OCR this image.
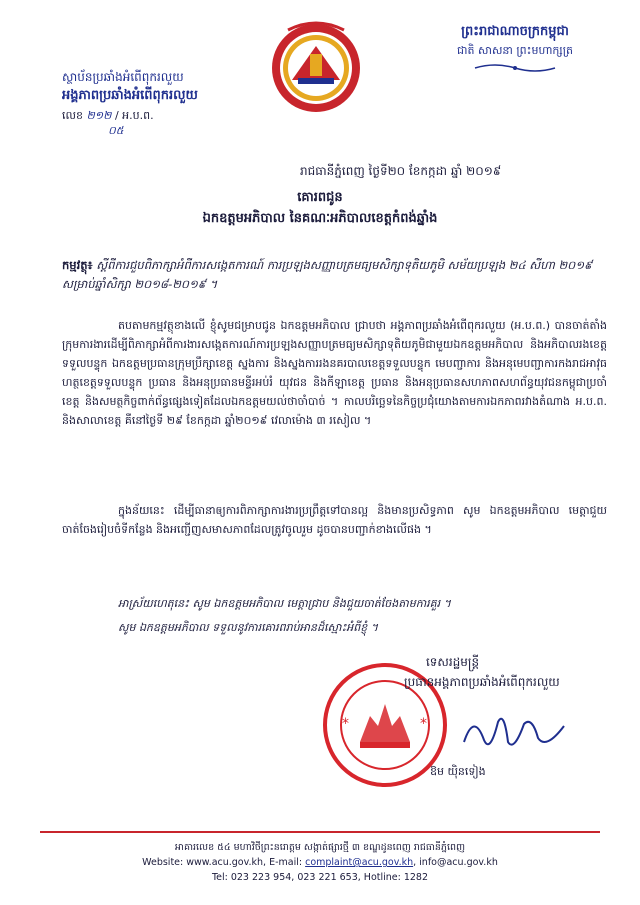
ស្ថាប័នប្រឆាំងអំពើពុករលួយ
អង្គភាពប្រឆាំងអំពើពុករលួយ
លេខ ២១២ / អ.ប.ព.
០៥
ព្រះរាជាណាចក្រកម្ពុជា
ជាតិ សាសនា ព្រះមហាក្សត្រ
រាជធានីភ្នំពេញ ថ្ងៃទី២០ ខែកក្កដា ឆ្នាំ ២០១៩
គោរពជូន
ឯកឧត្តមអភិបាល នៃគណៈអភិបាលខេត្តកំពង់ឆ្នាំង
កម្មវត្ថុ៖ ស្ដីពីការជួបពិភាក្សាអំពីការសង្កេតការណ៍ ការប្រឡងសញ្ញាបត្រមធ្យមសិក្សាទុតិយភូមិ សម័យប្រឡង ២៤ សីហា ២០១៩ សម្រាប់ឆ្នាំសិក្សា ២០១៨-២០១៩ ។
តបតាមកម្មវត្ថុខាងលើ ខ្ញុំសូមជម្រាបជូន ឯកឧត្តមអភិបាល ជ្រាបថា អង្គភាពប្រឆាំងអំពើពុករលួយ (អ.ប.ព.) បានចាត់តាំងក្រុមការងារដើម្បីពិភាក្សាអំពីការងារសង្កេតការណ៍ការប្រឡងសញ្ញាបត្រមធ្យមសិក្សាទុតិយភូមិជាមួយឯកឧត្តមអភិបាល និងអភិបាលរងខេត្តទទួលបន្ទុក ឯកឧត្តមប្រធានក្រុមប្រឹក្សាខេត្ត ស្នងការ និងស្នងការរងនគរបាលខេត្តទទួលបន្ទុក មេបញ្ជាការ និងអនុមេបញ្ជាការកងរាជអាវុធហត្ថខេត្តទទួលបន្ទុក ប្រធាន និងអនុប្រធានមន្ទីរអប់រំ យុវជន និងកីឡាខេត្ត ប្រធាន និងអនុប្រធានសហភាពសហព័ន្ធយុវជនកម្ពុជាប្រចាំខេត្ត និងសមត្ថកិច្ចពាក់ព័ន្ធផ្សេងទៀតដែលឯកឧត្តមយល់ថាចាំបាច់ ។ កាលបរិច្ឆេទនៃកិច្ចប្រជុំយោងតាមការឯកភាពរវាងតំណាង អ.ប.ព. និងសាលាខេត្ត គឺនៅថ្ងៃទី ២៩ ខែកក្កដា ឆ្នាំ២០១៩ វេលាម៉ោង ៣ រសៀល ។
ក្នុងន័យនេះ ដើម្បីធានាឲ្យការពិភាក្សាការងារប្រព្រឹត្តទៅបានល្អ និងមានប្រសិទ្ធភាព សូម ឯកឧត្តមអភិបាល មេត្តាជួយចាត់ចែងរៀបចំទីកន្លែង និងអញ្ជើញសមាសភាពដែលត្រូវចូលរួម ដូចបានបញ្ជាក់ខាងលើផង ។
អាស្រ័យហេតុនេះ សូម ឯកឧត្តមអភិបាល មេត្តាជ្រាប និងជួយចាត់ចែងតាមការគួរ ។
សូម ឯកឧត្តមអភិបាល ទទួលនូវការគោរពរាប់អានដ៏ស្មោះអំពីខ្ញុំ ។
*	*
ទេសរដ្ឋមន្ត្រី
ប្រធានអង្គភាពប្រឆាំងអំពើពុករលួយ
ឱម យ៉ិនទៀង
អាគារលេខ ៥៤ មហាវិថីព្រះនរោត្តម សង្កាត់ផ្សារថ្មី ៣ ខណ្ឌដូនពេញ រាជធានីភ្នំពេញ
Website: www.acu.gov.kh, E-mail: complaint@acu.gov.kh, info@acu.gov.kh
Tel: 023 223 954, 023 221 653, Hotline: 1282
